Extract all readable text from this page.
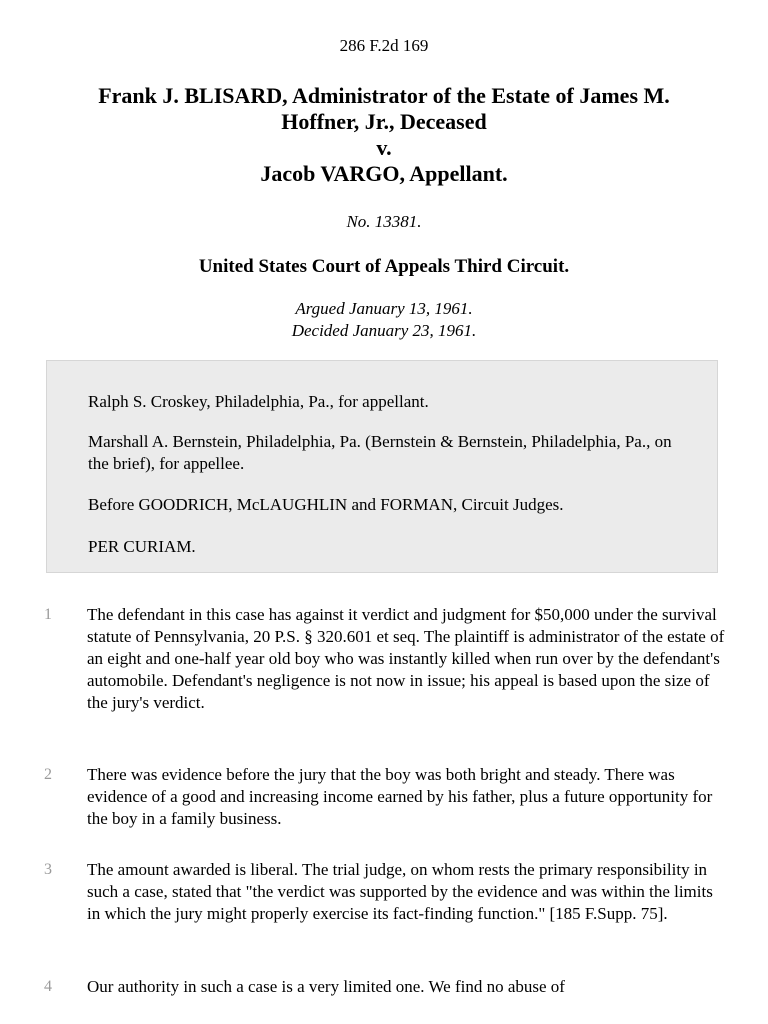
286 F.2d 169
Frank J. BLISARD, Administrator of the Estate of James M.
Hoffner, Jr., Deceased
v.
Jacob VARGO, Appellant.
No. 13381.
United States Court of Appeals Third Circuit.
Argued January 13, 1961.
Decided January 23, 1961.

Ralph S. Croskey, Philadelphia, Pa., for appellant.

Marshall A. Bernstein, Philadelphia, Pa. (Bernstein & Bernstein, Philadelphia, Pa., on the brief), for appellee.

Before GOODRICH, McLAUGHLIN and FORMAN, Circuit Judges.

PER CURIAM.

1	The defendant in this case has against it verdict and judgment for $50,000 under the survival statute of Pennsylvania, 20 P.S. § 320.601 et seq. The plaintiff is administrator of the estate of an eight and one-half year old boy who was instantly killed when run over by the defendant's automobile. Defendant's negligence is not now in issue; his appeal is based upon the size of the jury's verdict.
2	There was evidence before the jury that the boy was both bright and steady. There was evidence of a good and increasing income earned by his father, plus a future opportunity for the boy in a family business.
3	The amount awarded is liberal. The trial judge, on whom rests the primary responsibility in such a case, stated that "the verdict was supported by the evidence and was within the limits in which the jury might properly exercise its fact-finding function." [185 F.Supp. 75].
4	Our authority in such a case is a very limited one. We find no abuse of
